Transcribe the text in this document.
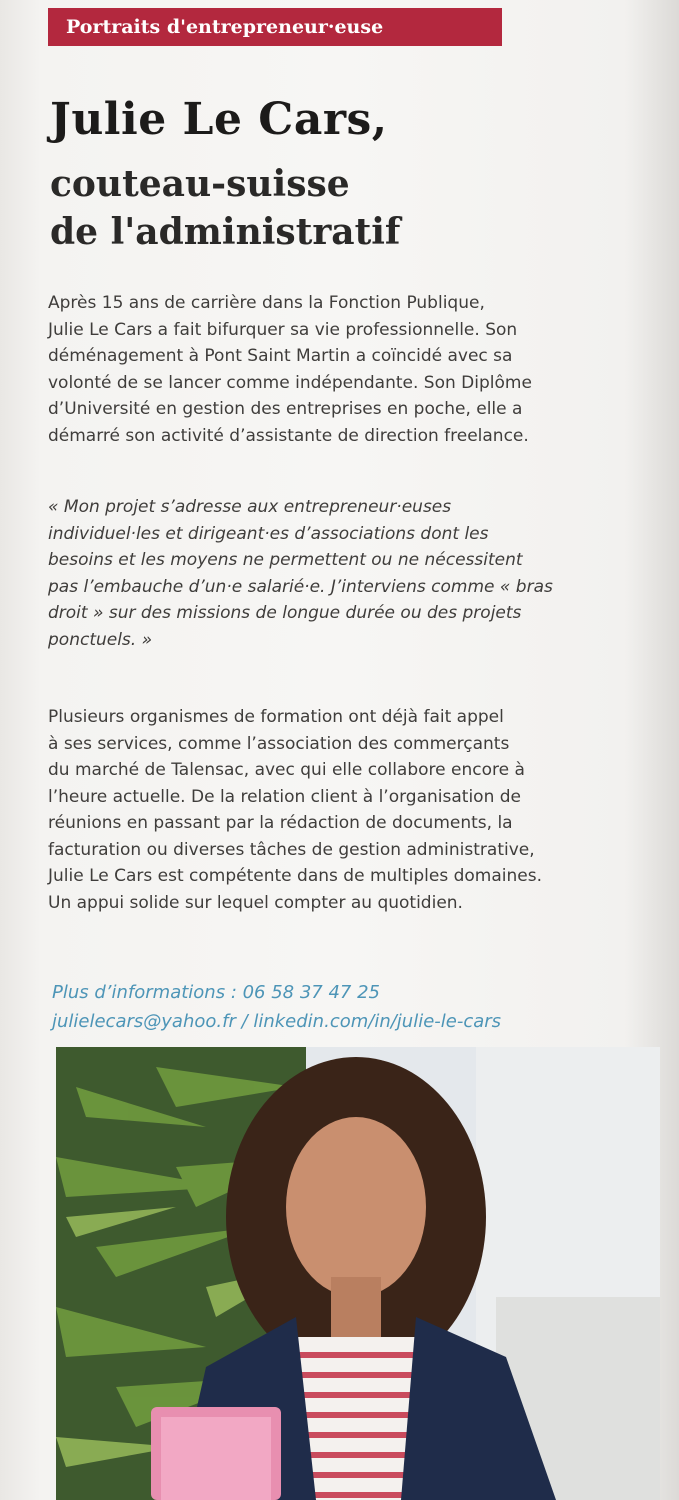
Portraits d'entrepreneur·euse
Julie Le Cars,
couteau-suisse
de l'administratif
Après 15 ans de carrière dans la Fonction Publique,
Julie Le Cars a fait bifurquer sa vie professionnelle. Son
déménagement à Pont Saint Martin a coïncidé avec sa
volonté de se lancer comme indépendante. Son Diplôme
d’Université en gestion des entreprises en poche, elle a
démarré son activité d’assistante de direction freelance.
« Mon projet s’adresse aux entrepreneur·euses
individuel·les et dirigeant·es d’associations dont les
besoins et les moyens ne permettent ou ne nécessitent
pas l’embauche d’un·e salarié·e. J’interviens comme « bras
droit » sur des missions de longue durée ou des projets
ponctuels. »
Plusieurs organismes de formation ont déjà fait appel
à ses services, comme l’association des commerçants
du marché de Talensac, avec qui elle collabore encore à
l’heure actuelle. De la relation client à l’organisation de
réunions en passant par la rédaction de documents, la
facturation ou diverses tâches de gestion administrative,
Julie Le Cars est compétente dans de multiples domaines.
Un appui solide sur lequel compter au quotidien.
Plus d’informations : 06 58 37 47 25
julielecars@yahoo.fr / linkedin.com/in/julie-le-cars
